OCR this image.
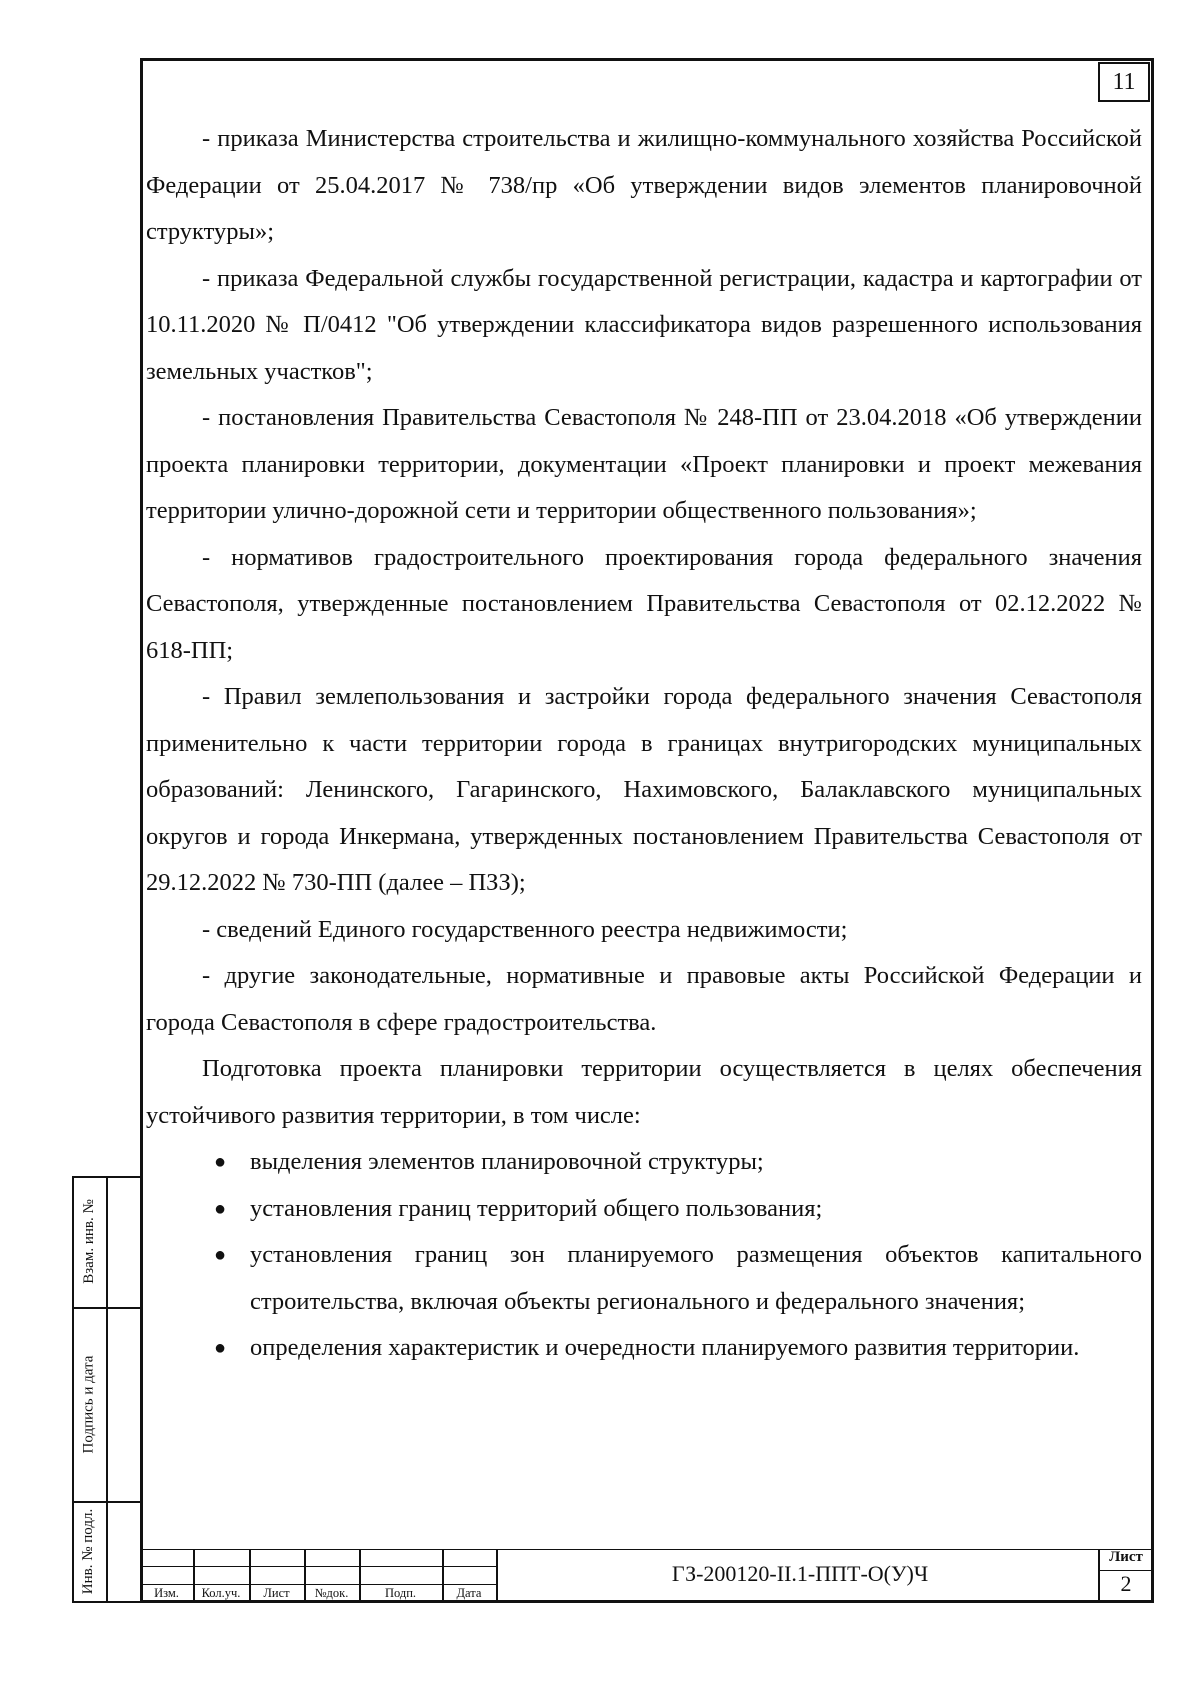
11

- приказа Министерства строительства и жилищно-коммунального хозяйства Российской Федерации от 25.04.2017 № 738/пр «Об утверждении видов элементов планировочной структуры»;

- приказа Федеральной службы государственной регистрации, кадастра и картографии от 10.11.2020 № П/0412 "Об утверждении классификатора видов разрешенного использования земельных участков";

- постановления Правительства Севастополя № 248-ПП от 23.04.2018 «Об утверждении проекта планировки территории, документации «Проект планировки и проект межевания территории улично-дорожной сети и территории общественного пользования»;

- нормативов градостроительного проектирования города федерального значения Севастополя, утвержденные постановлением Правительства Севастополя от 02.12.2022 № 618-ПП;

- Правил землепользования и застройки города федерального значения Севастополя применительно к части территории города в границах внутригородских муниципальных образований: Ленинского, Гагаринского, Нахимовского, Балаклавского муниципальных округов и города Инкермана, утвержденных постановлением Правительства Севастополя от 29.12.2022 № 730-ПП (далее – ПЗЗ);

- сведений Единого государственного реестра недвижимости;

- другие законодательные, нормативные и правовые акты Российской Федерации и города Севастополя в сфере градостроительства.

Подготовка проекта планировки территории осуществляется в целях обеспечения устойчивого развития территории, в том числе:

● выделения элементов планировочной структуры;
● установления границ территорий общего пользования;
● установления границ зон планируемого размещения объектов капитального строительства, включая объекты регионального и федерального значения;
● определения характеристик и очередности планируемого развития территории.
Взам. инв. №
Подпись и дата
Инв. № подл.	Изм.	Кол.уч.	Лист	№док.	Подп.	Дата
ГЗ-200120-II.1-ППТ-О(У)Ч
Лист
2
